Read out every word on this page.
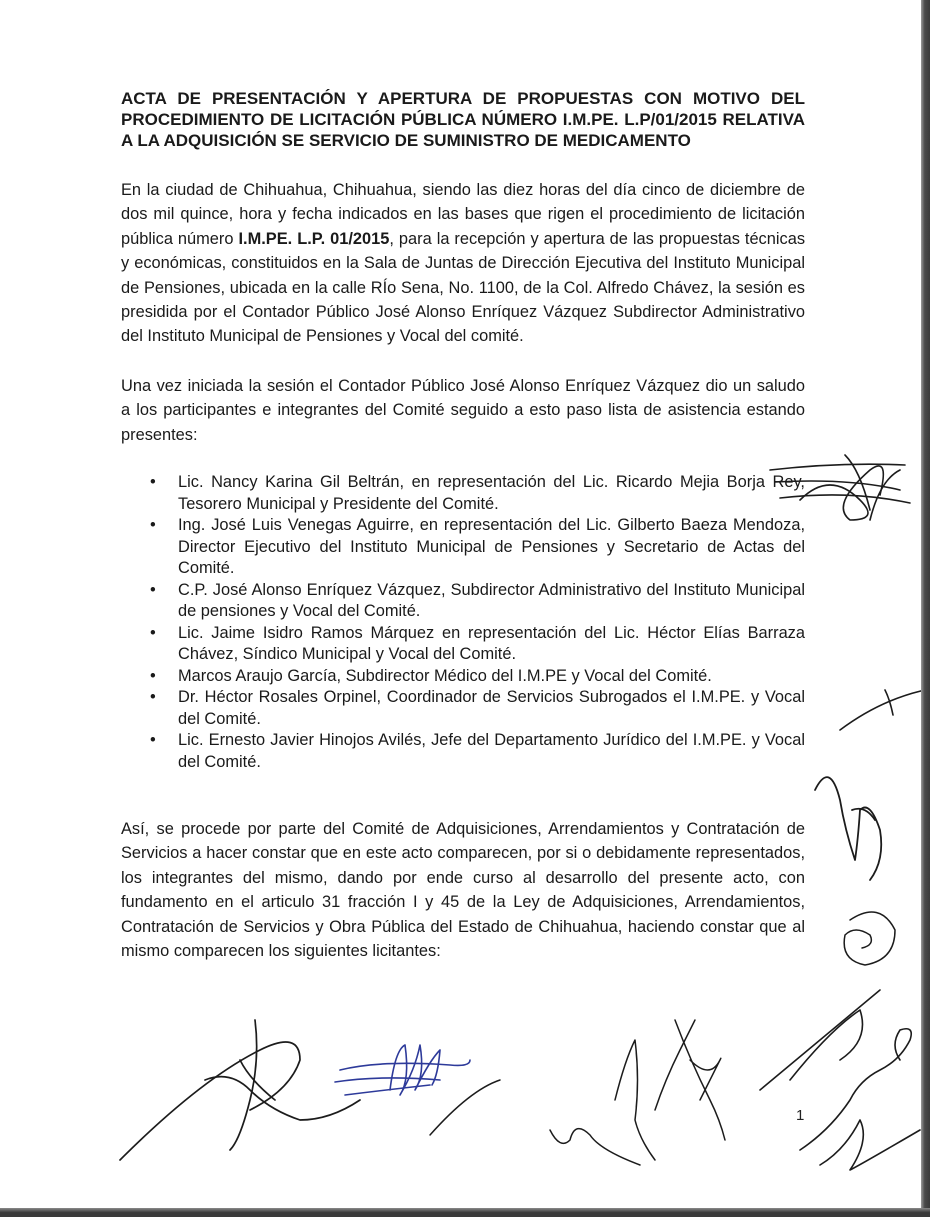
ACTA DE PRESENTACIÓN Y APERTURA DE PROPUESTAS CON MOTIVO DEL PROCEDIMIENTO DE LICITACIÓN PÚBLICA NÚMERO I.M.PE. L.P/01/2015 RELATIVA A LA ADQUISICIÓN SE SERVICIO DE SUMINISTRO DE MEDICAMENTO

En la ciudad de Chihuahua, Chihuahua, siendo las diez horas del día cinco de diciembre de dos mil quince, hora y fecha indicados en las bases que rigen el procedimiento de licitación pública número I.M.PE. L.P. 01/2015, para la recepción y apertura de las propuestas técnicas y económicas, constituidos en la Sala de Juntas de Dirección Ejecutiva del Instituto Municipal de Pensiones, ubicada en la calle RÍo Sena, No. 1100, de la Col. Alfredo Chávez, la sesión es presidida por el Contador Público José Alonso Enríquez Vázquez Subdirector Administrativo del Instituto Municipal de Pensiones y Vocal del comité.

Una vez iniciada la sesión el Contador Público José Alonso Enríquez Vázquez dio un saludo a los participantes e integrantes del Comité seguido a esto paso lista de asistencia estando presentes:

• Lic. Nancy Karina Gil Beltrán, en representación del Lic. Ricardo Mejia Borja Rey, Tesorero Municipal y Presidente del Comité.
• Ing. José Luis Venegas Aguirre, en representación del Lic. Gilberto Baeza Mendoza, Director Ejecutivo del Instituto Municipal de Pensiones y Secretario de Actas del Comité.
• C.P. José Alonso Enríquez Vázquez, Subdirector Administrativo del Instituto Municipal de pensiones y Vocal del Comité.
• Lic. Jaime Isidro Ramos Márquez en representación del Lic. Héctor Elías Barraza Chávez, Síndico Municipal y Vocal del Comité.
• Marcos Araujo García, Subdirector Médico del I.M.PE y Vocal del Comité.
• Dr. Héctor Rosales Orpinel, Coordinador de Servicios Subrogados el I.M.PE. y Vocal del Comité.
• Lic. Ernesto Javier Hinojos Avilés, Jefe del Departamento Jurídico del I.M.PE. y Vocal del Comité.

Así, se procede por parte del Comité de Adquisiciones, Arrendamientos y Contratación de Servicios a hacer constar que en este acto comparecen, por si o debidamente representados, los integrantes del mismo, dando por ende curso al desarrollo del presente acto, con fundamento en el articulo 31 fracción I y 45 de la Ley de Adquisiciones, Arrendamientos, Contratación de Servicios y Obra Pública del Estado de Chihuahua, haciendo constar que al mismo comparecen los siguientes licitantes:

1
